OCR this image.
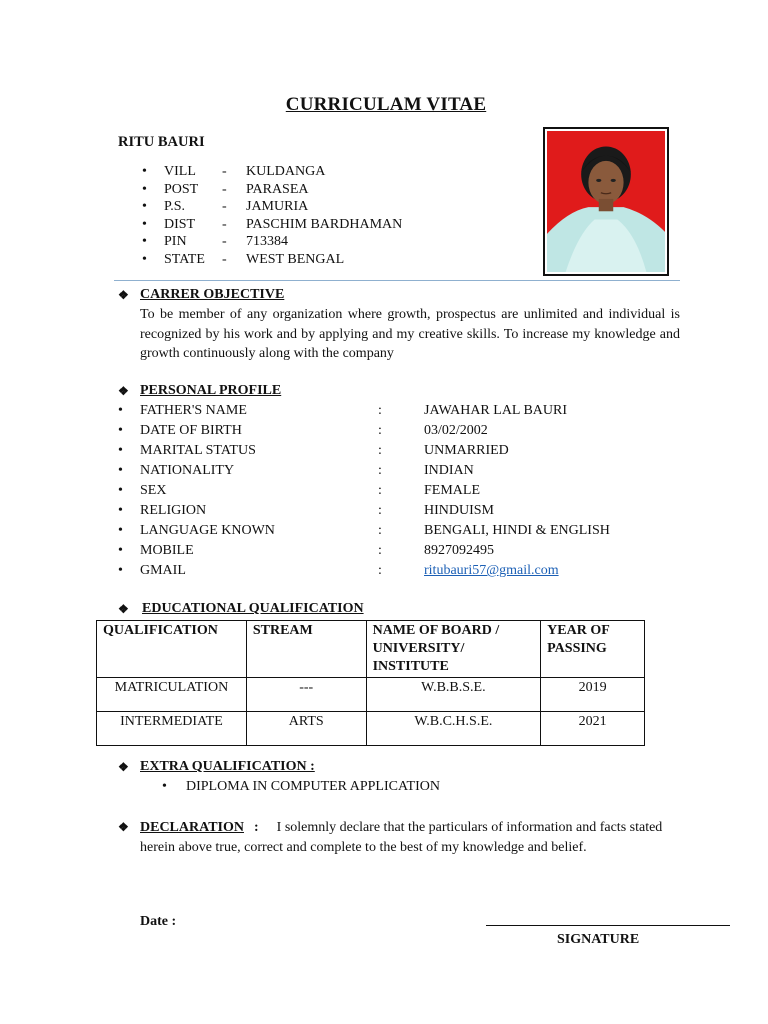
CURRICULAM VITAE
RITU BAURI
•	VILL	-	KULDANGA
•	POST	-	PARASEA
•	P.S.	-	JAMURIA
•	DIST	-	PASCHIM BARDHAMAN
•	PIN	-	713384
•	STATE	-	WEST BENGAL
❖ CARRER OBJECTIVE
To be member of any organization where growth, prospectus are unlimited and individual is recognized by his work and by applying and my creative skills. To increase my knowledge and growth continuously along with the company
❖ PERSONAL PROFILE
•	FATHER'S NAME	:	JAWAHAR LAL BAURI
•	DATE OF BIRTH	:	03/02/2002
•	MARITAL STATUS	:	UNMARRIED
•	NATIONALITY	:	INDIAN
•	SEX	:	FEMALE
•	RELIGION	:	HINDUISM
•	LANGUAGE KNOWN	:	BENGALI, HINDI & ENGLISH
•	MOBILE	:	8927092495
•	GMAIL	:	ritubauri57@gmail.com
❖ EDUCATIONAL QUALIFICATION
QUALIFICATION	STREAM	NAME OF BOARD / UNIVERSITY/ INSTITUTE	YEAR OF PASSING
MATRICULATION	---	W.B.B.S.E.	2019
INTERMEDIATE	ARTS	W.B.C.H.S.E.	2021
❖ EXTRA QUALIFICATION :
•	DIPLOMA IN COMPUTER APPLICATION
❖ DECLARATION : I solemnly declare that the particulars of information and facts stated
herein above true, correct and complete to the best of my knowledge and belief.
Date :
SIGNATURE
